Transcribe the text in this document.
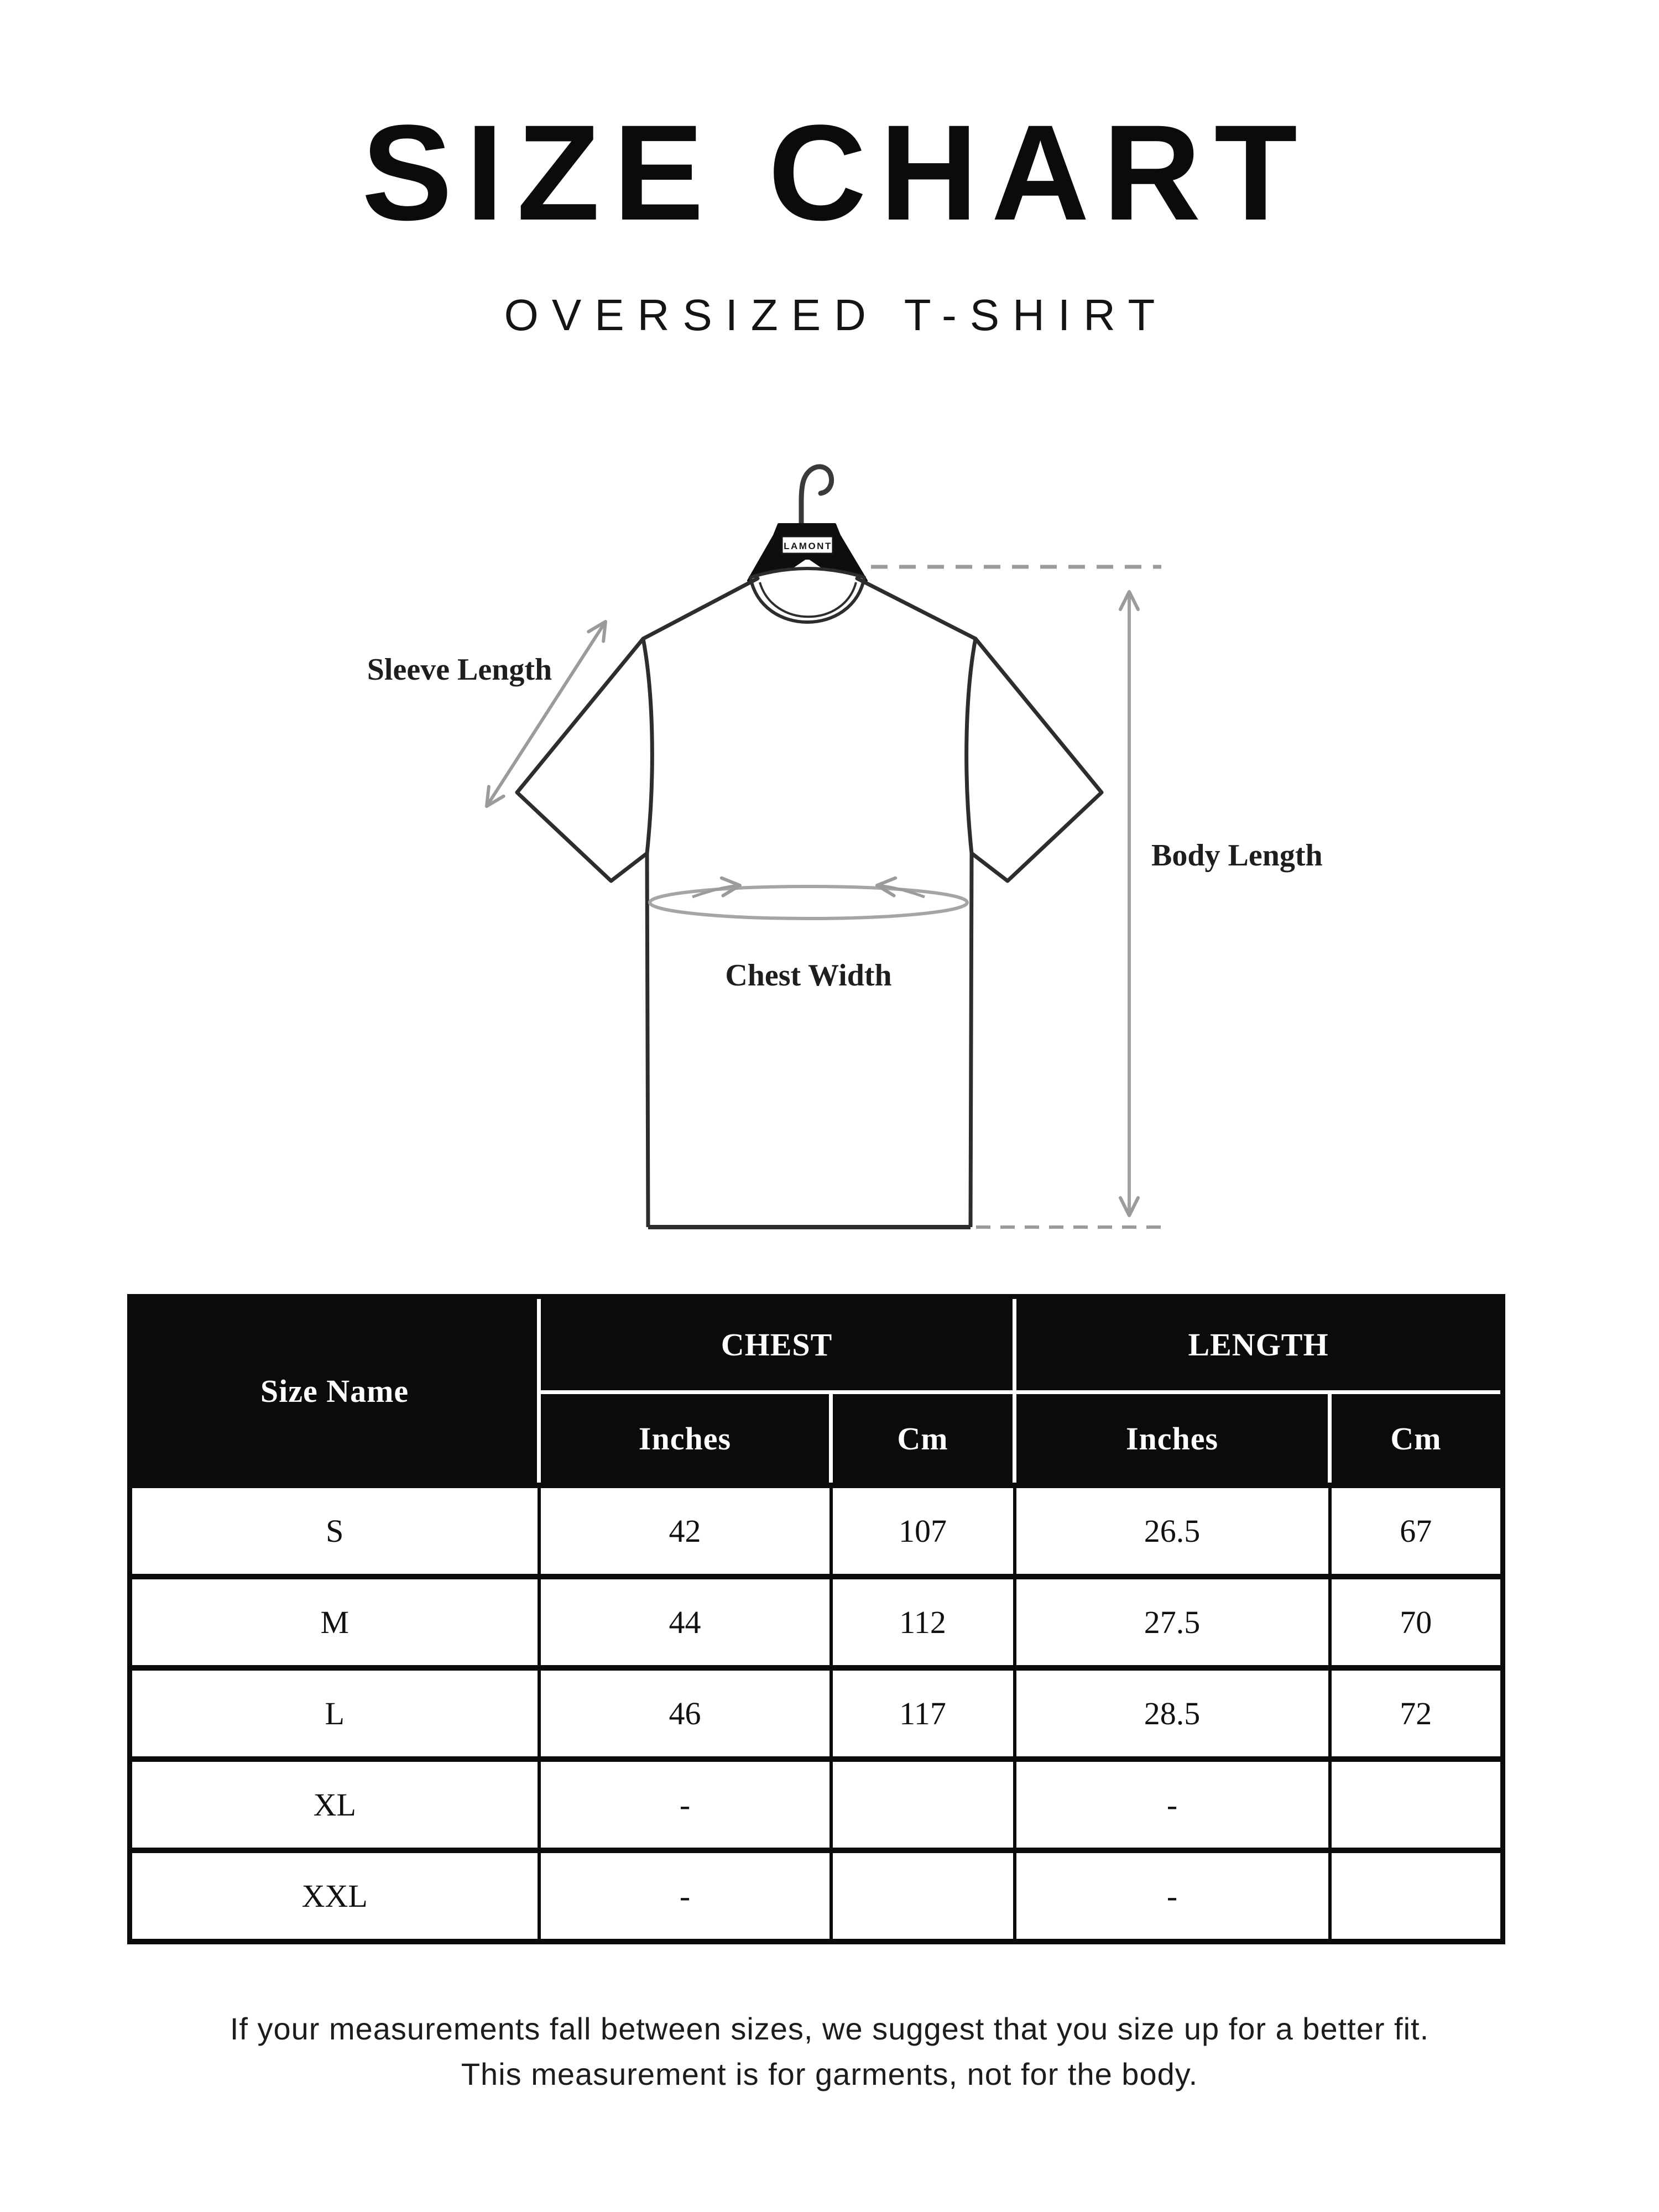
SIZE CHART
OVERSIZED T-SHIRT
LAMONT
Sleeve Length
Body Length
Chest Width
Size Name	CHEST		LENGTH	
	Inches	Cm	Inches	Cm
S	42	107	26.5	67
M	44	112	27.5	70
L	46	117	28.5	72
XL	-		-	
XXL	-		-	
If your measurements fall between sizes, we suggest that you size up for a better fit.
This measurement is for garments, not for the body.
